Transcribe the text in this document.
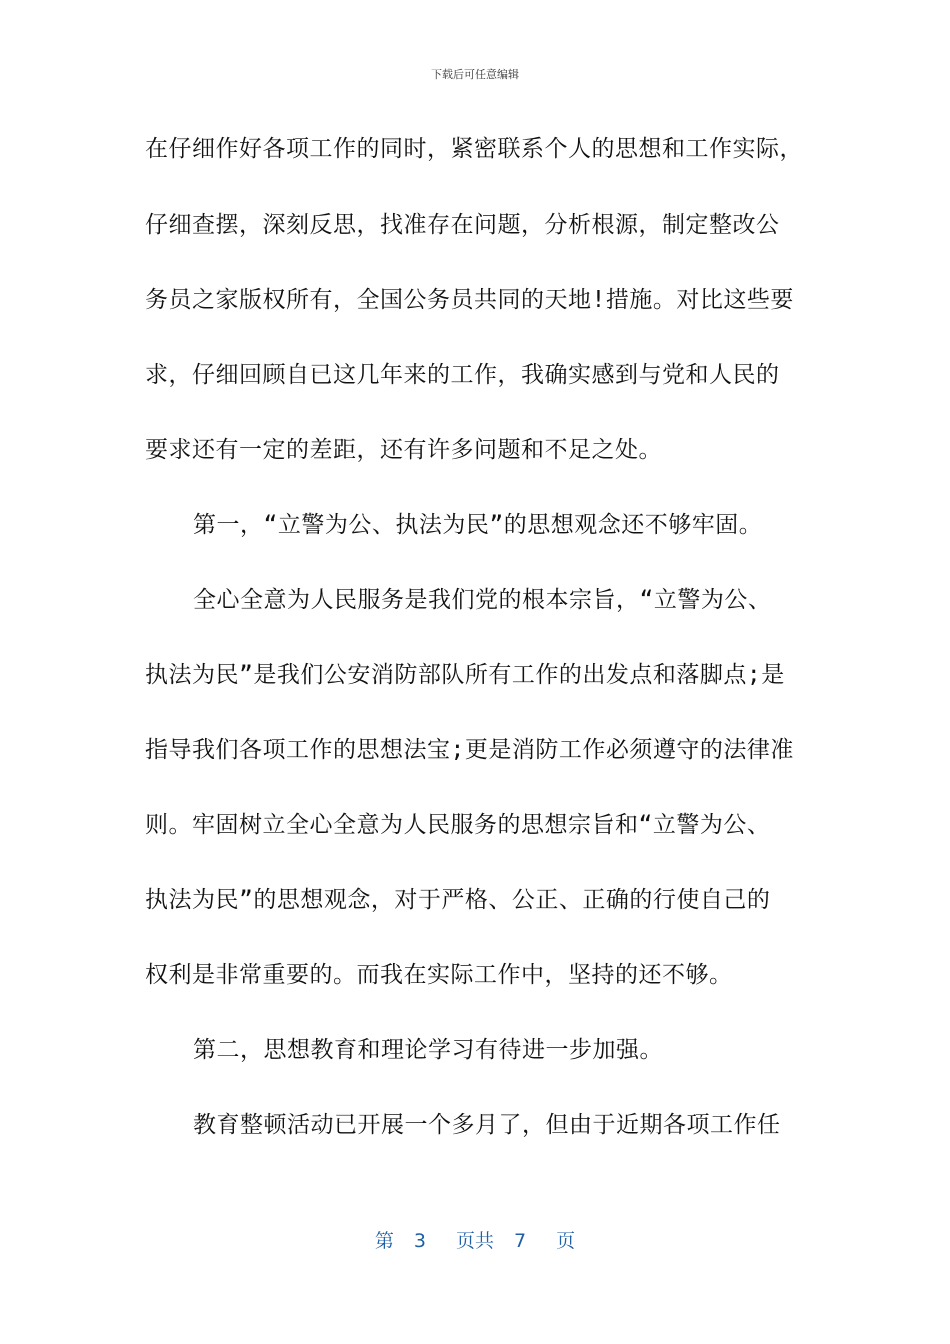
下载后可任意编辑
在仔细作好各项工作的同时，紧密联系个人的思想和工作实际，
仔细查摆，深刻反思，找准存在问题，分析根源，制定整改公
务员之家版权所有，全国公务员共同的天地!措施。对比这些要
求，仔细回顾自已这几年来的工作，我确实感到与党和人民的
要求还有一定的差距，还有许多问题和不足之处。
第一，“立警为公、执法为民”的思想观念还不够牢固。
全心全意为人民服务是我们党的根本宗旨，“立警为公、
执法为民”是我们公安消防部队所有工作的出发点和落脚点;是
指导我们各项工作的思想法宝;更是消防工作必须遵守的法律准
则。牢固树立全心全意为人民服务的思想宗旨和“立警为公、
执法为民”的思想观念，对于严格、公正、正确的行使自己的
权利是非常重要的。而我在实际工作中，坚持的还不够。
第二，思想教育和理论学习有待进一步加强。
教育整顿活动已开展一个多月了，但由于近期各项工作任
第 3 页共 7 页
